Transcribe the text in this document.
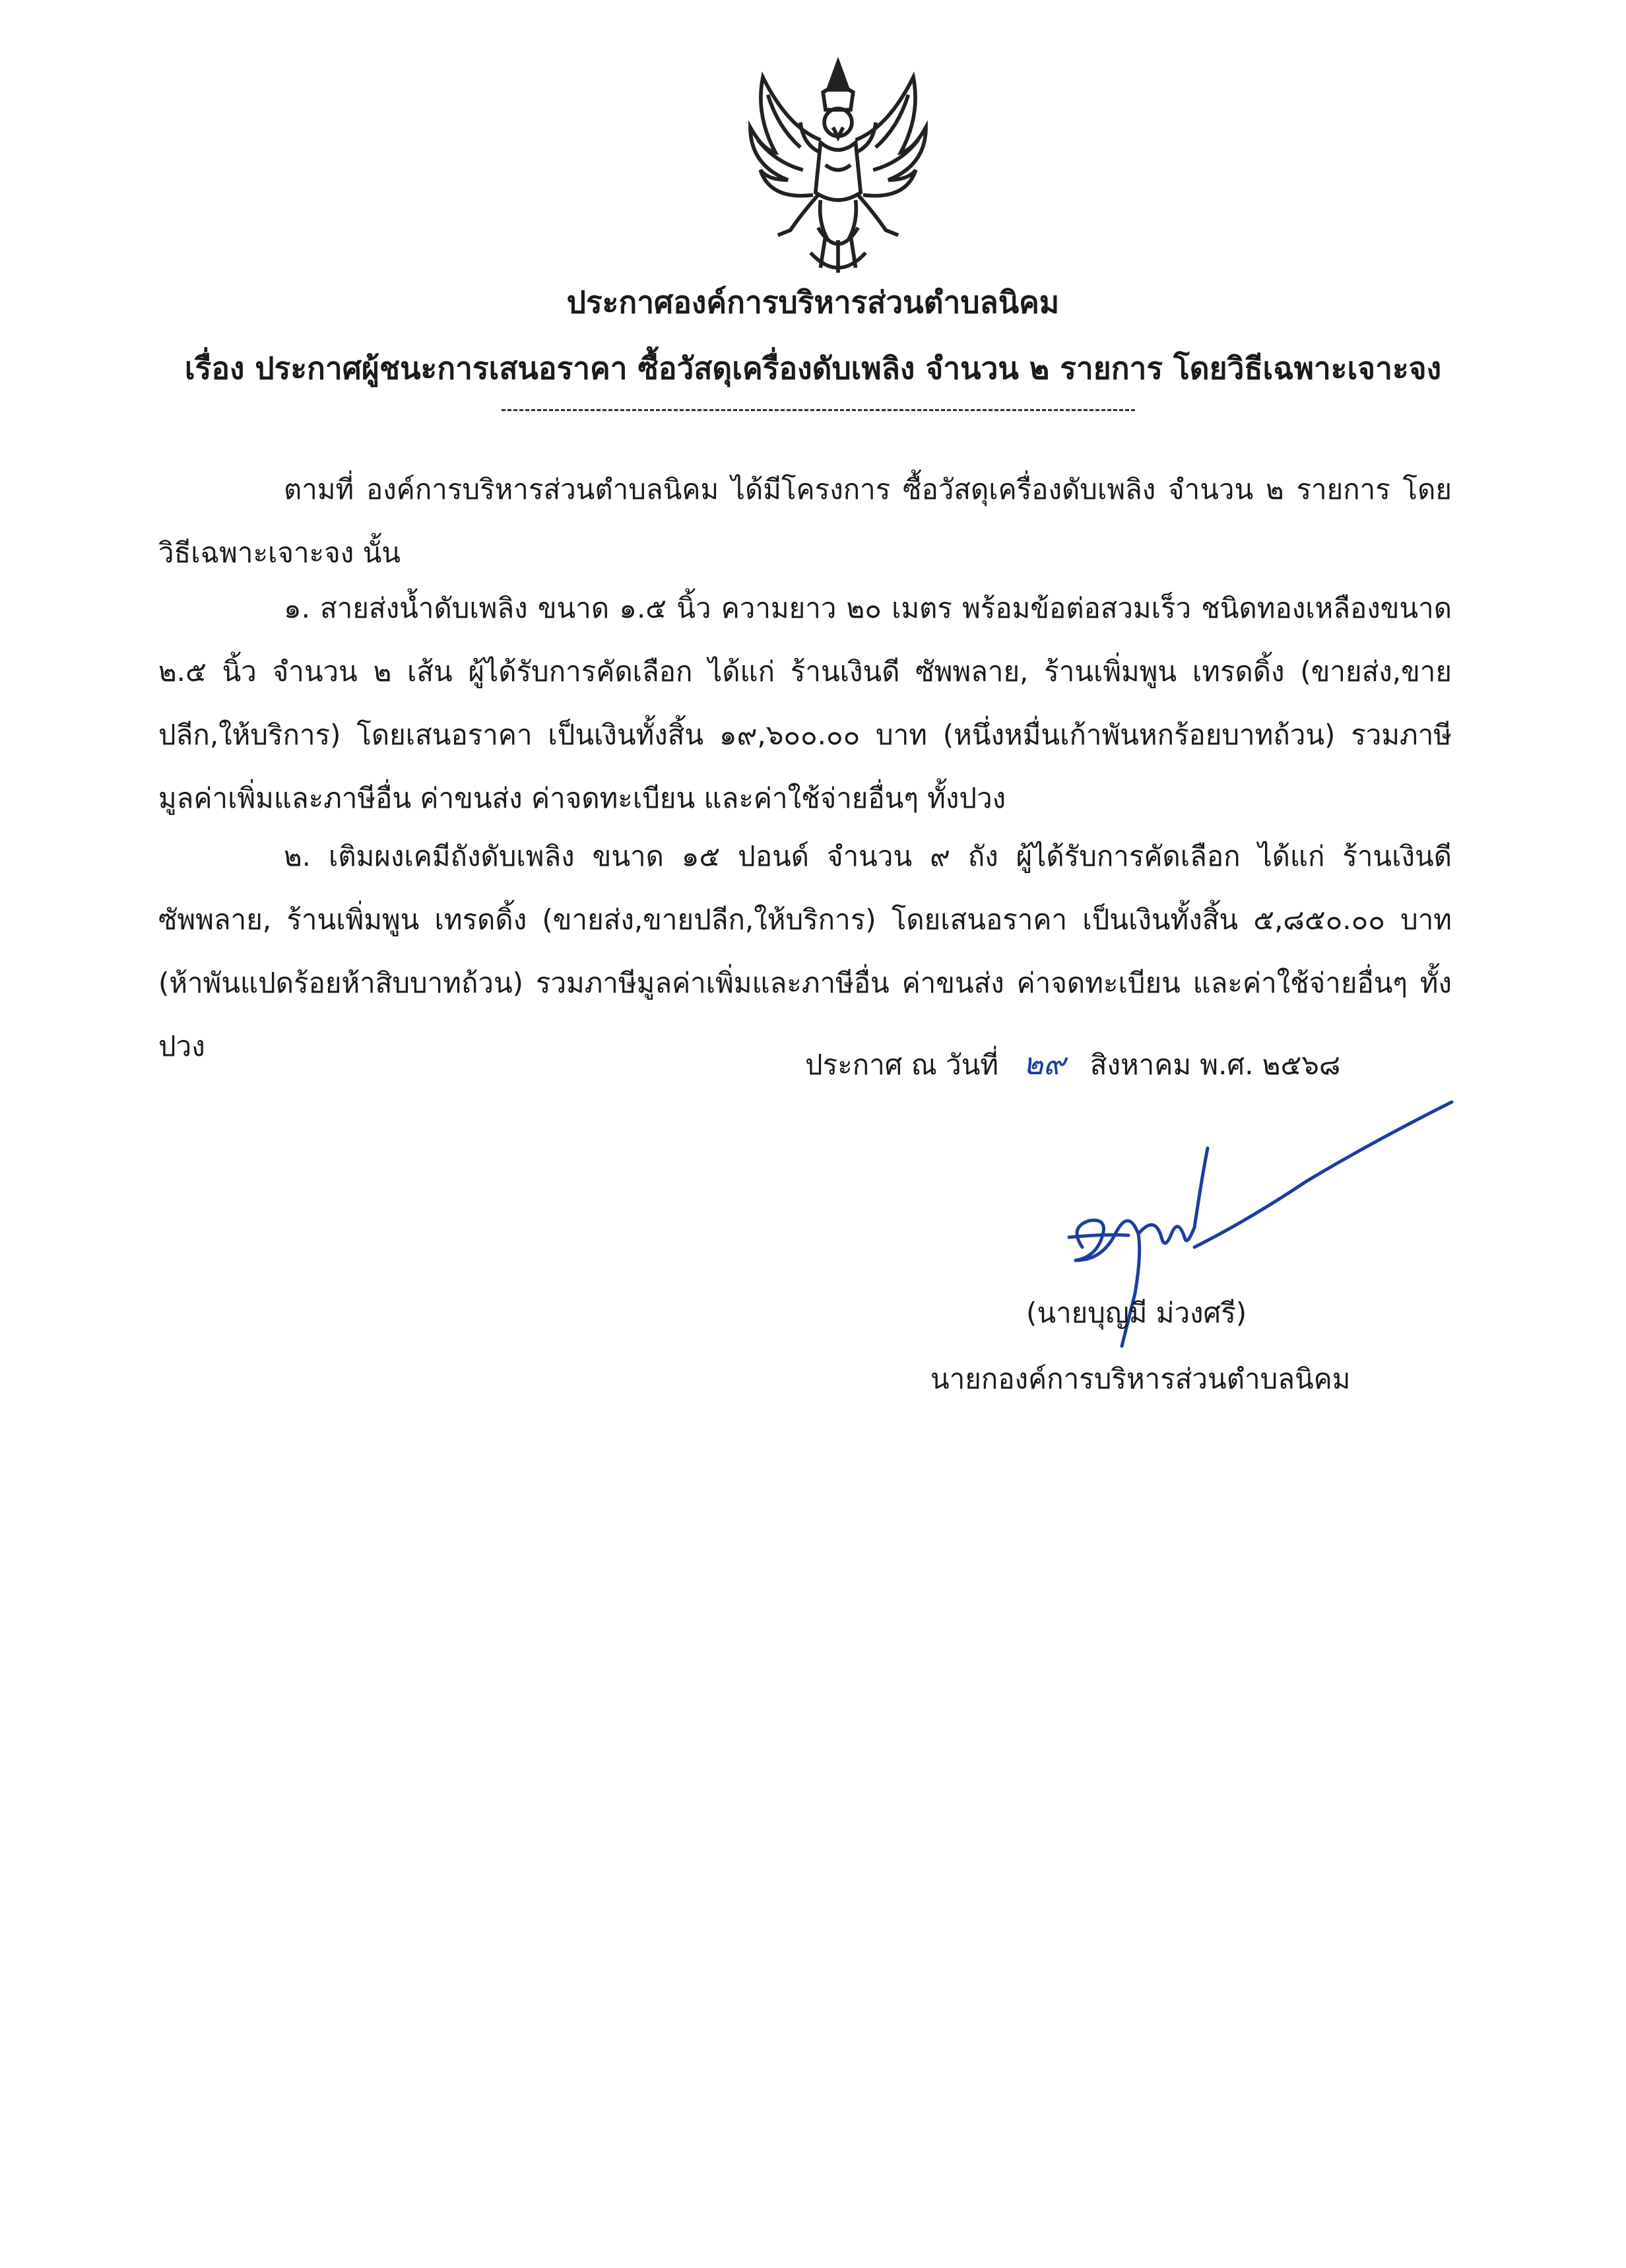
ประกาศองค์การบริหารส่วนตำบลนิคม
เรื่อง ประกาศผู้ชนะการเสนอราคา ซื้อวัสดุเครื่องดับเพลิง จำนวน ๒ รายการ โดยวิธีเฉพาะเจาะจง
ตามที่ องค์การบริหารส่วนตำบลนิคม ได้มีโครงการ ซื้อวัสดุเครื่องดับเพลิง จำนวน ๒ รายการ โดยวิธีเฉพาะเจาะจง นั้น
๑. สายส่งน้ำดับเพลิง ขนาด ๑.๕ นิ้ว ความยาว ๒๐ เมตร พร้อมข้อต่อสวมเร็ว ชนิดทองเหลืองขนาด ๒.๕ นิ้ว จำนวน ๒ เส้น ผู้ได้รับการคัดเลือก ได้แก่ ร้านเงินดี ซัพพลาย, ร้านเพิ่มพูน เทรดดิ้ง (ขายส่ง,ขายปลีก,ให้บริการ) โดยเสนอราคา เป็นเงินทั้งสิ้น ๑๙,๖๐๐.๐๐ บาท (หนึ่งหมื่นเก้าพันหกร้อยบาทถ้วน) รวมภาษีมูลค่าเพิ่มและภาษีอื่น ค่าขนส่ง ค่าจดทะเบียน และค่าใช้จ่ายอื่นๆ ทั้งปวง
๒. เติมผงเคมีถังดับเพลิง ขนาด ๑๕ ปอนด์ จำนวน ๙ ถัง ผู้ได้รับการคัดเลือก ได้แก่ ร้านเงินดี ซัพพลาย, ร้านเพิ่มพูน เทรดดิ้ง (ขายส่ง,ขายปลีก,ให้บริการ) โดยเสนอราคา เป็นเงินทั้งสิ้น ๕,๘๕๐.๐๐ บาท (ห้าพันแปดร้อยห้าสิบบาทถ้วน) รวมภาษีมูลค่าเพิ่มและภาษีอื่น ค่าขนส่ง ค่าจดทะเบียน และค่าใช้จ่ายอื่นๆ ทั้งปวง
ประกาศ ณ วันที่ ๒๙ สิงหาคม พ.ศ. ๒๕๖๘
(นายบุญมี ม่วงศรี)
นายกองค์การบริหารส่วนตำบลนิคม
